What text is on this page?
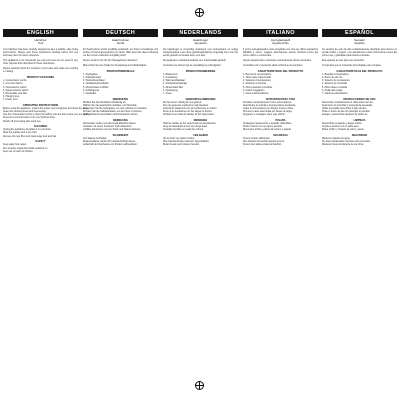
ENGLISH
Hairdryer
Tool

Your hairdryer has been carefully designed to give a reliable, safe drying performance. Please read these instructions carefully before first use and keep them for future reference.

This appliance is for household use only and must not be used for any other purpose than described in these instructions.

Please carefully check the contents of your pack and make sure nothing is missing.

PRODUCT FEATURES
1. Concentrator nozzle
2. Cool shot button
3. Heat selector switch
4. Speed selector switch
5. Removable rear filter
6. Hanging loop
7. Power cord
OPERATING INSTRUCTIONS
Before using the appliance, unwind the power cord completely and check the plug.
Select the desired speed and heat setting.
Use the concentrator nozzle to direct the airflow onto the hair section you are styling.
Press the cool shot button to fix your finished style.
Switch off and unplug after each use.
CLEANING
Unplug the appliance and allow it to cool down.
Wipe the outside with a dry cloth.
Remove the rear filter and clean away dust and hair.
SAFETY
Keep away from water.
Do not leave unattended while switched on.
Keep out of reach of children.
DEUTSCH
Haartrockner
Gerät

Ihr Haartrockner wurde sorgfältig entwickelt, um Ihnen zuverlässige und sichere Trocknungsergebnisse zu bieten. Bitte lesen Sie diese Anleitung vor dem ersten Gebrauch sorgfältig durch.

Dieses Gerät ist nur für den Hausgebrauch bestimmt.

Bitte prüfen Sie den Inhalt der Verpackung auf Vollständigkeit.

PRODUKTMERKMALE
1. Stylingdüse
2. Kaltstufentaste
3. Heizstufenschalter
4. Gebläsestufenschalter
5. Abnehmbarer Luftfilter
6. Aufhängeöse
7. Netzkabel
BEDIENUNG
Wickeln Sie das Netzkabel vollständig ab.
Wählen Sie die gewünschte Gebläse- und Heizstufe.
Verwenden Sie die Stylingdüse, um den Luftstrom zu bündeln.
Drücken Sie die Kaltstufentaste, um die Frisur zu fixieren.
Nach Gebrauch ausschalten und Netzstecker ziehen.
REINIGUNG
Netzstecker ziehen und das Gerät abkühlen lassen.
Gehäuse mit einem trockenen Tuch abwischen.
Luftfilter abnehmen und von Staub und Haaren befreien.
SICHERHEIT
Von Wasser fernhalten.
Eingeschaltetes Gerät nicht unbeaufsichtigt lassen.
Außerhalb der Reichweite von Kindern aufbewahren.
NEDERLANDS
Haardroger
Apparaat

Uw haardroger is zorgvuldig ontworpen voor betrouwbare en veilige droogprestaties. Lees deze gebruiksaanwijzing zorgvuldig door voor het eerste gebruik en bewaar deze voor later.

Dit apparaat is uitsluitend bedoeld voor huishoudelijk gebruik.

Controleer de inhoud van de verpakking op volledigheid.

PRODUCTKENMERKEN
1. Blaasmond
2. Koudeknop
3. Warmteschakelaar
4. Snelheidsschakelaar
5. Afneembaar filter
6. Ophangoog
7. Snoer
GEBRUIKSAANWIJZING
Rol het snoer volledig af voor gebruik.
Kies de gewenste snelheid en warmtestand.
Gebruik de blaasmond om de luchtstroom te richten.
Druk op de koudeknop om het kapsel te fixeren.
Schakel uit en haal de stekker uit het stopcontact.
REINIGING
Haal de stekker uit het stopcontact en laat afkoelen.
Veeg de buitenkant af met een droge doek.
Verwijder het filter en maak het schoon.
VEILIGHEID
Uit de buurt van water houden.
Niet onbeheerd laten wanneer ingeschakeld.
Buiten bereik van kinderen houden.
ITALIANO
Asciugacapelli
Apparecchio

Il vostro asciugacapelli è stato progettato con cura per offrire prestazioni affidabili e sicure. Leggere attentamente queste istruzioni prima del primo utilizzo e conservarle.

Questo apparecchio è destinato esclusivamente all'uso domestico.

Controllare che il contenuto della confezione sia completo.

CARATTERISTICHE DEL PRODOTTO
1. Beccuccio concentratore
2. Tasto colpo d'aria fredda
3. Selettore di temperatura
4. Selettore di velocità
5. Filtro posteriore rimovibile
6. Anello di aggancio
7. Cavo di alimentazione
ISTRUZIONI PER L'USO
Srotolare completamente il cavo prima dell'uso.
Selezionare la velocità e la temperatura desiderate.
Usare il concentratore per dirigere il flusso d'aria.
Premere il tasto aria fredda per fissare la piega.
Spegnere e scollegare dopo ogni utilizzo.
PULIZIA
Scollegare l'apparecchio e lasciarlo raffreddare.
Pulire l'esterno con un panno asciutto.
Rimuovere il filtro e pulirlo da polvere e capelli.
SICUREZZA
Tenere lontano dall'acqua.
Non lasciare incustodito quando acceso.
Tenere fuori dalla portata dei bambini.
ESPAÑOL
Secador
Aparato

Su secador de pelo ha sido cuidadosamente diseñado para ofrecer un secado fiable y seguro. Lea atentamente estas instrucciones antes del primer uso y guárdelas para futuras consultas.

Este aparato es solo para uso doméstico.

Compruebe que el contenido del embalaje esté completo.

CARACTERÍSTICAS DEL PRODUCTO
1. Boquilla concentradora
2. Botón de aire frío
3. Selector de temperatura
4. Selector de velocidad
5. Filtro trasero extraíble
6. Anilla para colgar
7. Cable de alimentación
INSTRUCCIONES DE USO
Desenrolle completamente el cable antes del uso.
Seleccione la velocidad y temperatura deseadas.
Utilice la boquilla para dirigir el flujo de aire.
Pulse el botón de aire frío para fijar el peinado.
Apague y desenchufe después de cada uso.
LIMPIEZA
Desenchufe el aparato y déjelo enfriar.
Limpie el exterior con un paño seco.
Retire el filtro y límpielo de polvo y pelos.
SEGURIDAD
Mantener alejado del agua.
No dejar desatendido mientras esté encendido.
Mantener fuera del alcance de los niños.
